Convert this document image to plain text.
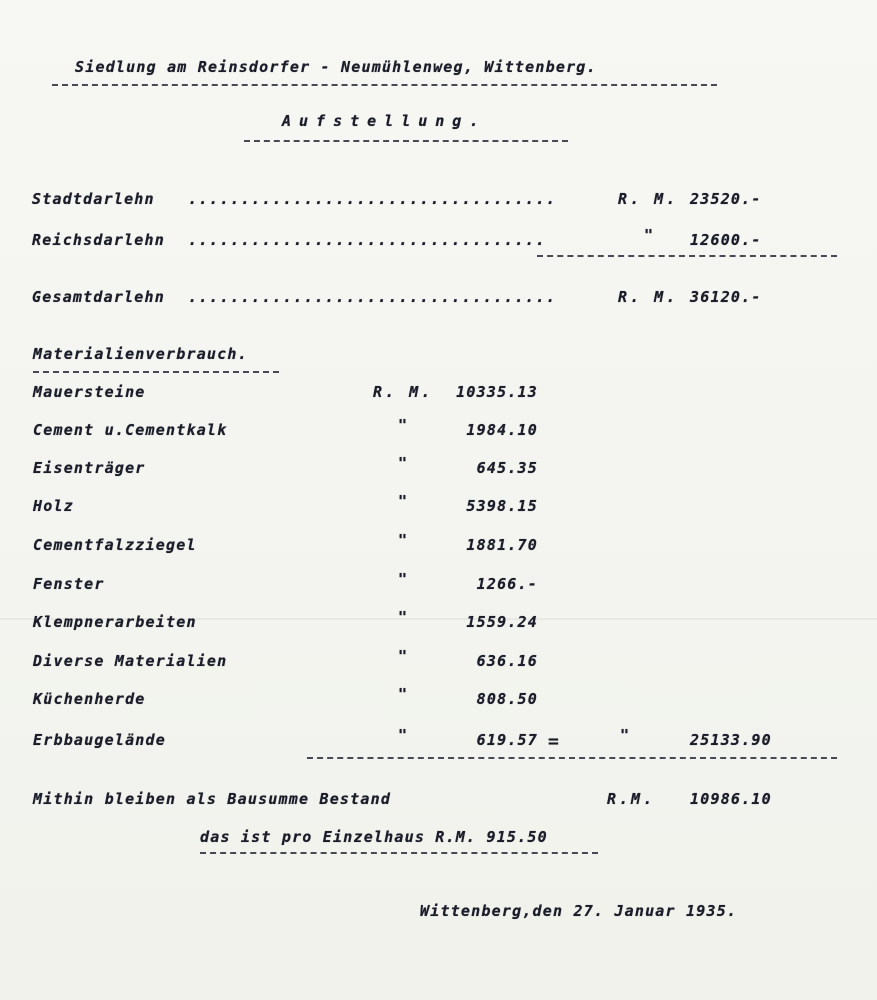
Siedlung am Reinsdorfer - Neumühlenweg, Wittenberg.
Aufstellung.
Stadtdarlehn ...................................	R. M. 23520.-
Reichsdarlehn ..................................	" 12600.-
Gesamtdarlehn ...................................	R. M. 36120.-
Materialienverbrauch.
Mauersteine	R. M.	10335.13
Cement u.Cementkalk	"	1984.10
Eisenträger	"	645.35
Holz	"	5398.15
Cementfalzziegel	"	1881.70
Fenster	"	1266.-
Klempnerarbeiten	"	1559.24
Diverse Materialien	"	636.16
Küchenherde	"	808.50
Erbbaugelände	"	619.57 =	"	25133.90
Mithin bleiben als Bausumme Bestand	R.M. 10986.10
das ist pro Einzelhaus R.M. 915.50
Wittenberg,den 27. Januar 1935.
